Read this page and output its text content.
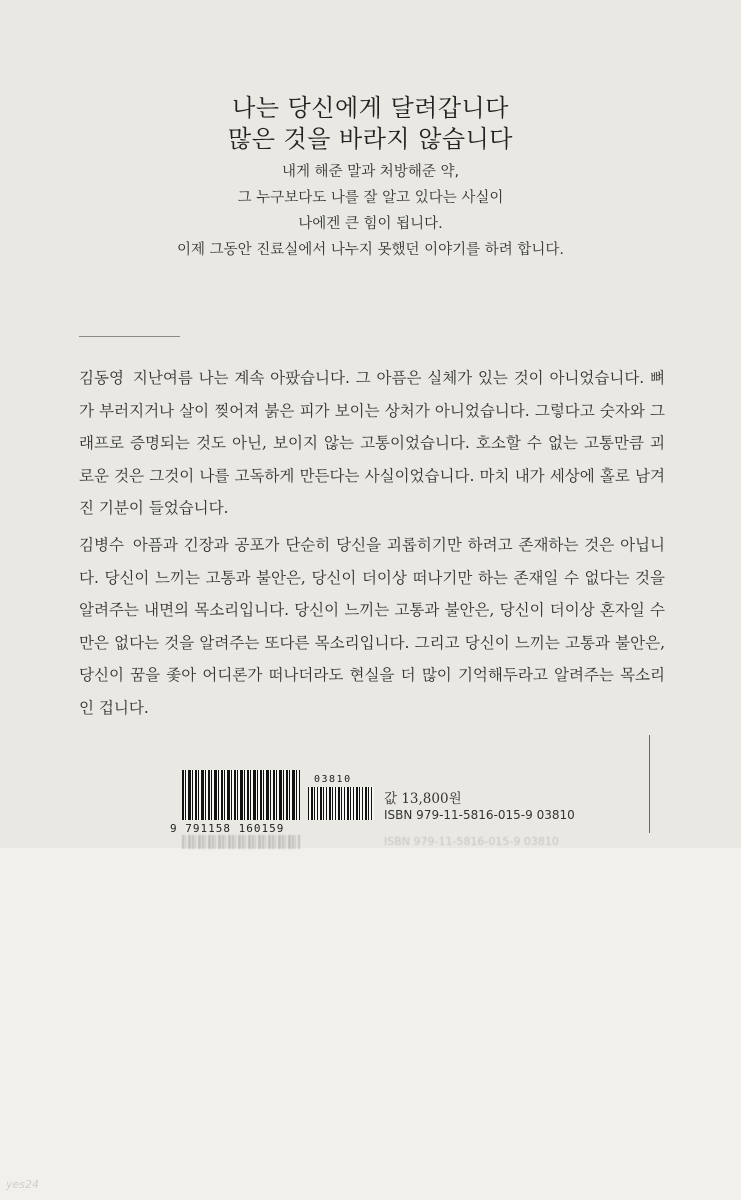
나는 당신에게 달려갑니다
많은 것을 바라지 않습니다
내게 해준 말과 처방해준 약,
그 누구보다도 나를 잘 알고 있다는 사실이
나에겐 큰 힘이 됩니다.
이제 그동안 진료실에서 나누지 못했던 이야기를 하려 합니다.

김동영 지난여름 나는 계속 아팠습니다. 그 아픔은 실체가 있는 것이 아니었습니다. 뼈가 부러지거나 살이 찢어져 붉은 피가 보이는 상처가 아니었습니다. 그렇다고 숫자와 그래프로 증명되는 것도 아닌, 보이지 않는 고통이었습니다. 호소할 수 없는 고통만큼 괴로운 것은 그것이 나를 고독하게 만든다는 사실이었습니다. 마치 내가 세상에 홀로 남겨진 기분이 들었습니다.

김병수 아픔과 긴장과 공포가 단순히 당신을 괴롭히기만 하려고 존재하는 것은 아닙니다. 당신이 느끼는 고통과 불안은, 당신이 더이상 떠나기만 하는 존재일 수 없다는 것을 알려주는 내면의 목소리입니다. 당신이 느끼는 고통과 불안은, 당신이 더이상 혼자일 수만은 없다는 것을 알려주는 또다른 목소리입니다. 그리고 당신이 느끼는 고통과 불안은, 당신이 꿈을 좇아 어디론가 떠나더라도 현실을 더 많이 기억해두라고 알려주는 목소리인 겁니다.

9 791158 160159
03810
값 13,800원
ISBN 979-11-5816-015-9 03810
ISBN 979-11-5816-015-9 03810
yes24
